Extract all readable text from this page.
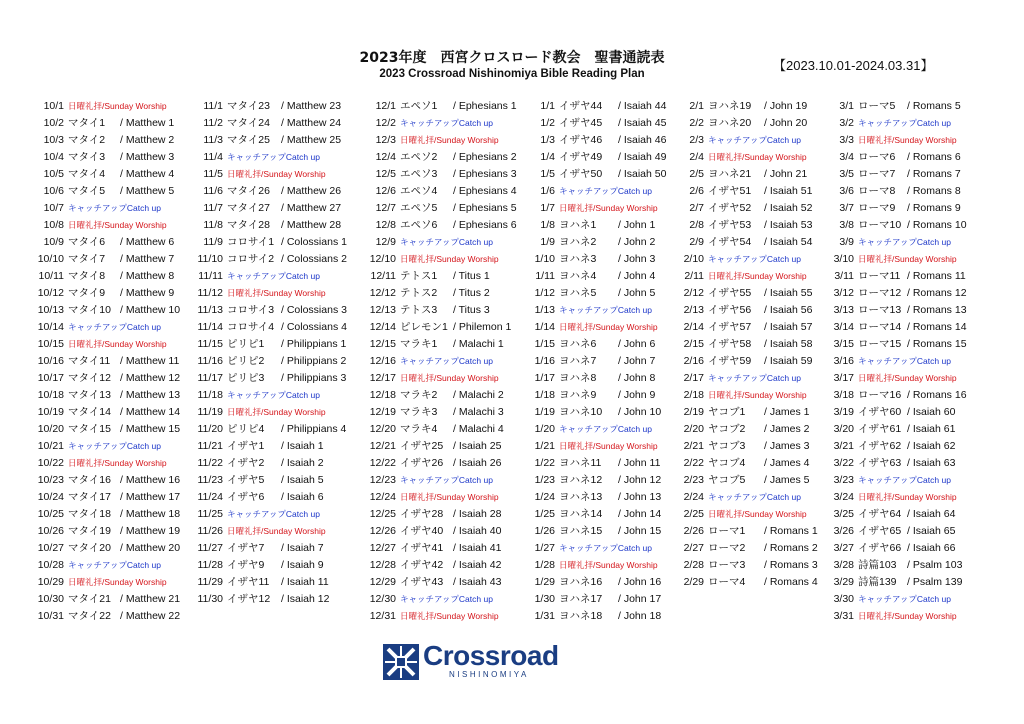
2023年度　西宮クロスロード教会　聖書通読表
2023 Crossroad Nishinomiya Bible Reading Plan
【2023.10.01-2024.03.31】
10/1 日曜礼拝/Sunday Worship
10/2 マタイ1 / Matthew 1
10/3 マタイ2 / Matthew 2
10/4 マタイ3 / Matthew 3
10/5 マタイ4 / Matthew 4
10/6 マタイ5 / Matthew 5
10/7 キャッチアップCatch up
10/8 日曜礼拝/Sunday Worship
10/9 マタイ6 / Matthew 6
10/10 マタイ7 / Matthew 7
10/11 マタイ8 / Matthew 8
10/12 マタイ9 / Matthew 9
10/13 マタイ10 / Matthew 10
10/14 キャッチアップCatch up
10/15 日曜礼拝/Sunday Worship
10/16 マタイ11 / Matthew 11
10/17 マタイ12 / Matthew 12
10/18 マタイ13 / Matthew 13
10/19 マタイ14 / Matthew 14
10/20 マタイ15 / Matthew 15
10/21 キャッチアップCatch up
10/22 日曜礼拝/Sunday Worship
10/23 マタイ16 / Matthew 16
10/24 マタイ17 / Matthew 17
10/25 マタイ18 / Matthew 18
10/26 マタイ19 / Matthew 19
10/27 マタイ20 / Matthew 20
10/28 キャッチアップCatch up
10/29 日曜礼拝/Sunday Worship
10/30 マタイ21 / Matthew 21
10/31 マタイ22 / Matthew 22
11/1 マタイ23 / Matthew 23
11/2 マタイ24 / Matthew 24
11/3 マタイ25 / Matthew 25
11/4 キャッチアップCatch up
11/5 日曜礼拝/Sunday Worship
11/6 マタイ26 / Matthew 26
11/7 マタイ27 / Matthew 27
11/8 マタイ28 / Matthew 28
11/9 コロサイ1 / Colossians 1
11/10 コロサイ2 / Colossians 2
11/11 キャッチアップCatch up
11/12 日曜礼拝/Sunday Worship
11/13 コロサイ3 / Colossians 3
11/14 コロサイ4 / Colossians 4
11/15 ピリピ1 / Philippians 1
11/16 ピリピ2 / Philippians 2
11/17 ピリピ3 / Philippians 3
11/18 キャッチアップCatch up
11/19 日曜礼拝/Sunday Worship
11/20 ピリピ4 / Philippians 4
11/21 イザヤ1 / Isaiah 1
11/22 イザヤ2 / Isaiah 2
11/23 イザヤ5 / Isaiah 5
11/24 イザヤ6 / Isaiah 6
11/25 キャッチアップCatch up
11/26 日曜礼拝/Sunday Worship
11/27 イザヤ7 / Isaiah 7
11/28 イザヤ9 / Isaiah 9
11/29 イザヤ11 / Isaiah 11
11/30 イザヤ12 / Isaiah 12
12/1 エペソ1 / Ephesians 1
12/2 キャッチアップCatch up
12/3 日曜礼拝/Sunday Worship
12/4 エペソ2 / Ephesians 2
12/5 エペソ3 / Ephesians 3
12/6 エペソ4 / Ephesians 4
12/7 エペソ5 / Ephesians 5
12/8 エペソ6 / Ephesians 6
12/9 キャッチアップCatch up
12/10 日曜礼拝/Sunday Worship
12/11 テトス1 / Titus 1
12/12 テトス2 / Titus 2
12/13 テトス3 / Titus 3
12/14 ピレモン1 / Philemon 1
12/15 マラキ1 / Malachi 1
12/16 キャッチアップCatch up
12/17 日曜礼拝/Sunday Worship
12/18 マラキ2 / Malachi 2
12/19 マラキ3 / Malachi 3
12/20 マラキ4 / Malachi 4
12/21 イザヤ25 / Isaiah 25
12/22 イザヤ26 / Isaiah 26
12/23 キャッチアップCatch up
12/24 日曜礼拝/Sunday Worship
12/25 イザヤ28 / Isaiah 28
12/26 イザヤ40 / Isaiah 40
12/27 イザヤ41 / Isaiah 41
12/28 イザヤ42 / Isaiah 42
12/29 イザヤ43 / Isaiah 43
12/30 キャッチアップCatch up
12/31 日曜礼拝/Sunday Worship
1/1 イザヤ44 / Isaiah 44
1/2 イザヤ45 / Isaiah 45
1/3 イザヤ46 / Isaiah 46
1/4 イザヤ49 / Isaiah 49
1/5 イザヤ50 / Isaiah 50
1/6 キャッチアップCatch up
1/7 日曜礼拝/Sunday Worship
1/8 ヨハネ1 / John 1
1/9 ヨハネ2 / John 2
1/10 ヨハネ3 / John 3
1/11 ヨハネ4 / John 4
1/12 ヨハネ5 / John 5
1/13 キャッチアップCatch up
1/14 日曜礼拝/Sunday Worship
1/15 ヨハネ6 / John 6
1/16 ヨハネ7 / John 7
1/17 ヨハネ8 / John 8
1/18 ヨハネ9 / John 9
1/19 ヨハネ10 / John 10
1/20 キャッチアップCatch up
1/21 日曜礼拝/Sunday Worship
1/22 ヨハネ11 / John 11
1/23 ヨハネ12 / John 12
1/24 ヨハネ13 / John 13
1/25 ヨハネ14 / John 14
1/26 ヨハネ15 / John 15
1/27 キャッチアップCatch up
1/28 日曜礼拝/Sunday Worship
1/29 ヨハネ16 / John 16
1/30 ヨハネ17 / John 17
1/31 ヨハネ18 / John 18
2/1 ヨハネ19 / John 19
2/2 ヨハネ20 / John 20
2/3 キャッチアップCatch up
2/4 日曜礼拝/Sunday Worship
2/5 ヨハネ21 / John 21
2/6 イザヤ51 / Isaiah 51
2/7 イザヤ52 / Isaiah 52
2/8 イザヤ53 / Isaiah 53
2/9 イザヤ54 / Isaiah 54
2/10 キャッチアップCatch up
2/11 日曜礼拝/Sunday Worship
2/12 イザヤ55 / Isaiah 55
2/13 イザヤ56 / Isaiah 56
2/14 イザヤ57 / Isaiah 57
2/15 イザヤ58 / Isaiah 58
2/16 イザヤ59 / Isaiah 59
2/17 キャッチアップCatch up
2/18 日曜礼拝/Sunday Worship
2/19 ヤコブ1 / James 1
2/20 ヤコブ2 / James 2
2/21 ヤコブ3 / James 3
2/22 ヤコブ4 / James 4
2/23 ヤコブ5 / James 5
2/24 キャッチアップCatch up
2/25 日曜礼拝/Sunday Worship
2/26 ローマ1 / Romans 1
2/27 ローマ2 / Romans 2
2/28 ローマ3 / Romans 3
2/29 ローマ4 / Romans 4
3/1 ローマ5 / Romans 5
3/2 キャッチアップCatch up
3/3 日曜礼拝/Sunday Worship
3/4 ローマ6 / Romans 6
3/5 ローマ7 / Romans 7
3/6 ローマ8 / Romans 8
3/7 ローマ9 / Romans 9
3/8 ローマ10 / Romans 10
3/9 キャッチアップCatch up
3/10 日曜礼拝/Sunday Worship
3/11 ローマ11 / Romans 11
3/12 ローマ12 / Romans 12
3/13 ローマ13 / Romans 13
3/14 ローマ14 / Romans 14
3/15 ローマ15 / Romans 15
3/16 キャッチアップCatch up
3/17 日曜礼拝/Sunday Worship
3/18 ローマ16 / Romans 16
3/19 イザヤ60 / Isaiah 60
3/20 イザヤ61 / Isaiah 61
3/21 イザヤ62 / Isaiah 62
3/22 イザヤ63 / Isaiah 63
3/23 キャッチアップCatch up
3/24 日曜礼拝/Sunday Worship
3/25 イザヤ64 / Isaiah 64
3/26 イザヤ65 / Isaiah 65
3/27 イザヤ66 / Isaiah 66
3/28 詩篇103 / Psalm 103
3/29 詩篇139 / Psalm 139
3/30 キャッチアップCatch up
3/31 日曜礼拝/Sunday Worship
Crossroad
NISHINOMIYA
